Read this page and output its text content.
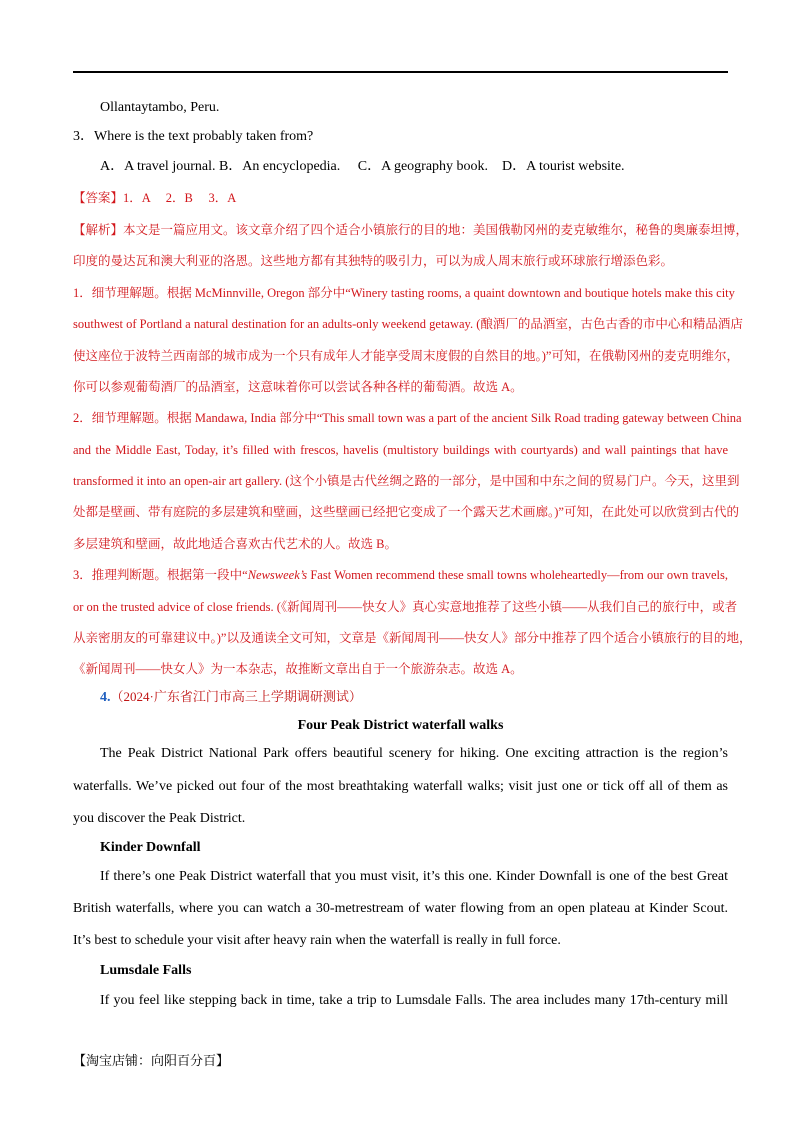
Ollantaytambo, Peru.
3．Where is the text probably taken from?
A．A travel journal. B．An encyclopedia.　 C．A geography book.　D．A tourist website.
【答案】1．A　 2．B　 3．A
【解析】本文是一篇应用文。该文章介绍了四个适合小镇旅行的目的地：美国俄勒冈州的麦克敏维尔，秘鲁的奥廉泰坦博，
印度的曼达瓦和澳大利亚的洛恩。这些地方都有其独特的吸引力，可以为成人周末旅行或环球旅行增添色彩。
1．细节理解题。根据 McMinnville, Oregon 部分中“Winery tasting rooms, a quaint downtown and boutique hotels make this city
southwest of Portland a natural destination for an adults-only weekend getaway. (酿酒厂的品酒室，古色古香的市中心和精品酒店
使这座位于波特兰西南部的城市成为一个只有成年人才能享受周末度假的自然目的地。)”可知，在俄勒冈州的麦克明维尔，
你可以参观葡萄酒厂的品酒室，这意味着你可以尝试各种各样的葡萄酒。故选 A。
2．细节理解题。根据 Mandawa, India 部分中“This small town was a part of the ancient Silk Road trading gateway between China
and the Middle East, Today, it’s filled with frescos, havelis (multistory buildings with courtyards) and wall paintings that have
transformed it into an open-air art gallery. (这个小镇是古代丝绸之路的一部分，是中国和中东之间的贸易门户。今天，这里到
处都是壁画、带有庭院的多层建筑和壁画，这些壁画已经把它变成了一个露天艺术画廊。)”可知，在此处可以欣赏到古代的
多层建筑和壁画，故此地适合喜欢古代艺术的人。故选 B。
3．推理判断题。根据第一段中“Newsweek’s Fast Women recommend these small towns wholeheartedly—from our own travels,
or on the trusted advice of close friends. (《新闻周刊——快女人》真心实意地推荐了这些小镇——从我们自己的旅行中，或者
从亲密朋友的可靠建议中。)”以及通读全文可知，文章是《新闻周刊——快女人》部分中推荐了四个适合小镇旅行的目的地，
《新闻周刊——快女人》为一本杂志，故推断文章出自于一个旅游杂志。故选 A。
4.（2024·广东省江门市高三上学期调研测试）
Four Peak District waterfall walks
The Peak District National Park offers beautiful scenery for hiking. One exciting attraction is the region’s
waterfalls. We’ve picked out four of the most breathtaking waterfall walks; visit just one or tick off all of them as
you discover the Peak District.
Kinder Downfall
If there’s one Peak District waterfall that you must visit, it’s this one. Kinder Downfall is one of the best Great
British waterfalls, where you can watch a 30-metrestream of water flowing from an open plateau at Kinder Scout.
It’s best to schedule your visit after heavy rain when the waterfall is really in full force.
Lumsdale Falls
If you feel like stepping back in time, take a trip to Lumsdale Falls. The area includes many 17th-century mill
【淘宝店铺：向阳百分百】
